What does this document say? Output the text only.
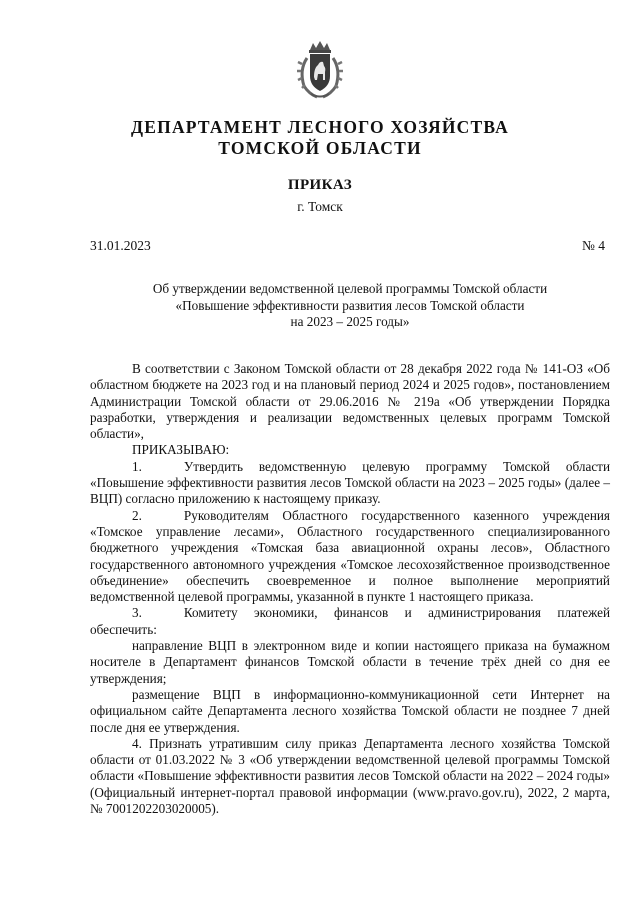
ДЕПАРТАМЕНТ ЛЕСНОГО ХОЗЯЙСТВА
ТОМСКОЙ ОБЛАСТИ
ПРИКАЗ
г. Томск
31.01.2023	№ 4
Об утверждении ведомственной целевой программы Томской области
«Повышение эффективности развития лесов Томской области
на 2023 – 2025 годы»

В соответствии с Законом Томской области от 28 декабря 2022 года № 141-ОЗ «Об областном бюджете на 2023 год и на плановый период 2024 и 2025 годов», постановлением Администрации Томской области от 29.06.2016 № 219а «Об утверждении Порядка разработки, утверждения и реализации ведомственных целевых программ Томской области»,

ПРИКАЗЫВАЮ:

1.	Утвердить ведомственную целевую программу Томской области «Повышение эффективности развития лесов Томской области на 2023 – 2025 годы» (далее – ВЦП) согласно приложению к настоящему приказу.

2.	Руководителям Областного государственного казенного учреждения «Томское управление лесами», Областного государственного специализированного бюджетного учреждения «Томская база авиационной охраны лесов», Областного государственного автономного учреждения «Томское лесохозяйственное производственное объединение» обеспечить своевременное и полное выполнение мероприятий ведомственной целевой программы, указанной в пункте 1 настоящего приказа.

3.	Комитету экономики, финансов и администрирования платежей обеспечить:

направление ВЦП в электронном виде и копии настоящего приказа на бумажном носителе в Департамент финансов Томской области в течение трёх дней со дня ее утверждения;

размещение ВЦП в информационно-коммуникационной сети Интернет на официальном сайте Департамента лесного хозяйства Томской области не позднее 7 дней после дня ее утверждения.

4. Признать утратившим силу приказ Департамента лесного хозяйства Томской области от 01.03.2022 № 3 «Об утверждении ведомственной целевой программы Томской области «Повышение эффективности развития лесов Томской области на 2022 – 2024 годы» (Официальный интернет-портал правовой информации (www.pravo.gov.ru), 2022, 2 марта, № 7001202203020005).
